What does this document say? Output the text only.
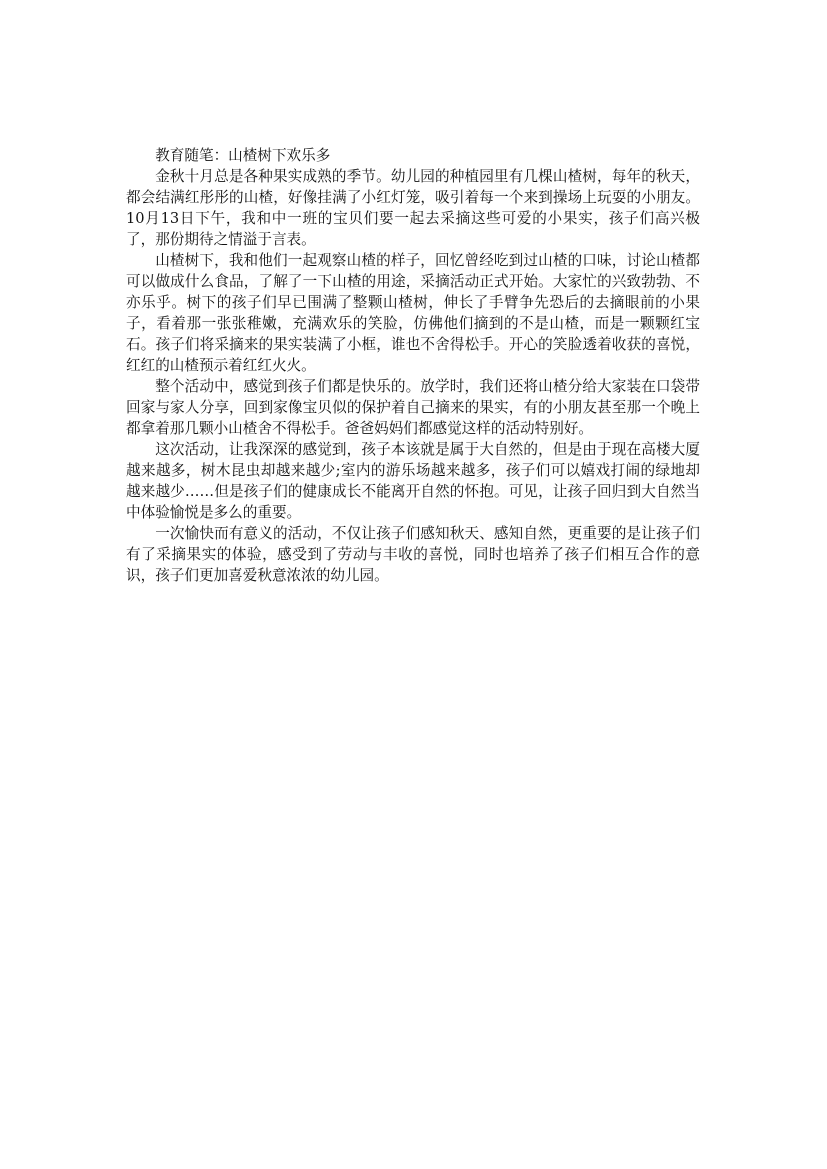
教育随笔：山楂树下欢乐多

金秋十月总是各种果实成熟的季节。幼儿园的种植园里有几棵山楂树，每年的秋天，都会结满红彤彤的山楂，好像挂满了小红灯笼，吸引着每一个来到操场上玩耍的小朋友。10月13日下午，我和中一班的宝贝们要一起去采摘这些可爱的小果实，孩子们高兴极了，那份期待之情溢于言表。

山楂树下，我和他们一起观察山楂的样子，回忆曾经吃到过山楂的口味，讨论山楂都可以做成什么食品，了解了一下山楂的用途，采摘活动正式开始。大家忙的兴致勃勃、不亦乐乎。树下的孩子们早已围满了整颗山楂树，伸长了手臂争先恐后的去摘眼前的小果子，看着那一张张稚嫩，充满欢乐的笑脸，仿佛他们摘到的不是山楂，而是一颗颗红宝石。孩子们将采摘来的果实装满了小框，谁也不舍得松手。开心的笑脸透着收获的喜悦，红红的山楂预示着红红火火。

整个活动中，感觉到孩子们都是快乐的。放学时，我们还将山楂分给大家装在口袋带回家与家人分享，回到家像宝贝似的保护着自己摘来的果实，有的小朋友甚至那一个晚上都拿着那几颗小山楂舍不得松手。爸爸妈妈们都感觉这样的活动特别好。

这次活动，让我深深的感觉到，孩子本该就是属于大自然的，但是由于现在高楼大厦越来越多，树木昆虫却越来越少;室内的游乐场越来越多，孩子们可以嬉戏打闹的绿地却越来越少……但是孩子们的健康成长不能离开自然的怀抱。可见，让孩子回归到大自然当中体验愉悦是多么的重要。

一次愉快而有意义的活动，不仅让孩子们感知秋天、感知自然，更重要的是让孩子们有了采摘果实的体验，感受到了劳动与丰收的喜悦，同时也培养了孩子们相互合作的意识，孩子们更加喜爱秋意浓浓的幼儿园。
